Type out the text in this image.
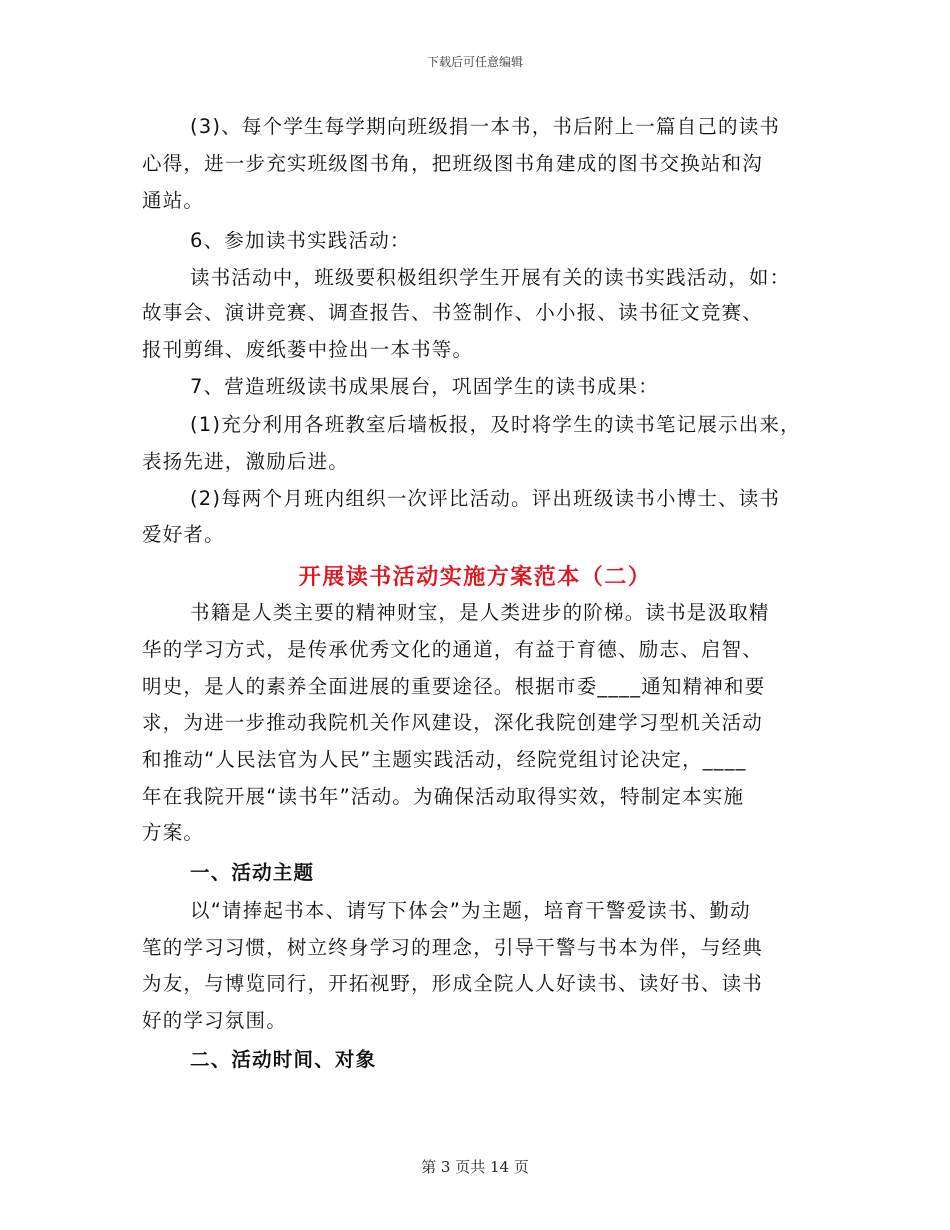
下载后可任意编辑
(3)、每个学生每学期向班级捐一本书，书后附上一篇自己的读书
心得，进一步充实班级图书角，把班级图书角建成的图书交换站和沟
通站。
6、参加读书实践活动：
读书活动中，班级要积极组织学生开展有关的读书实践活动，如：
故事会、演讲竞赛、调查报告、书签制作、小小报、读书征文竞赛、
报刊剪缉、废纸蒌中捡出一本书等。
7、营造班级读书成果展台，巩固学生的读书成果：
(1)充分利用各班教室后墙板报，及时将学生的读书笔记展示出来，
表扬先进，激励后进。
(2)每两个月班内组织一次评比活动。评出班级读书小博士、读书
爱好者。
开展读书活动实施方案范本（二）
书籍是人类主要的精神财宝，是人类进步的阶梯。读书是汲取精
华的学习方式，是传承优秀文化的通道，有益于育德、励志、启智、
明史，是人的素养全面进展的重要途径。根据市委____通知精神和要
求，为进一步推动我院机关作风建设，深化我院创建学习型机关活动
和推动“人民法官为人民”主题实践活动，经院党组讨论决定，____
年在我院开展“读书年”活动。为确保活动取得实效，特制定本实施
方案。
一、活动主题
以“请捧起书本、请写下体会”为主题，培育干警爱读书、勤动
笔的学习习惯，树立终身学习的理念，引导干警与书本为伴，与经典
为友，与博览同行，开拓视野，形成全院人人好读书、读好书、读书
好的学习氛围。
二、活动时间、对象
第 3 页共 14 页
